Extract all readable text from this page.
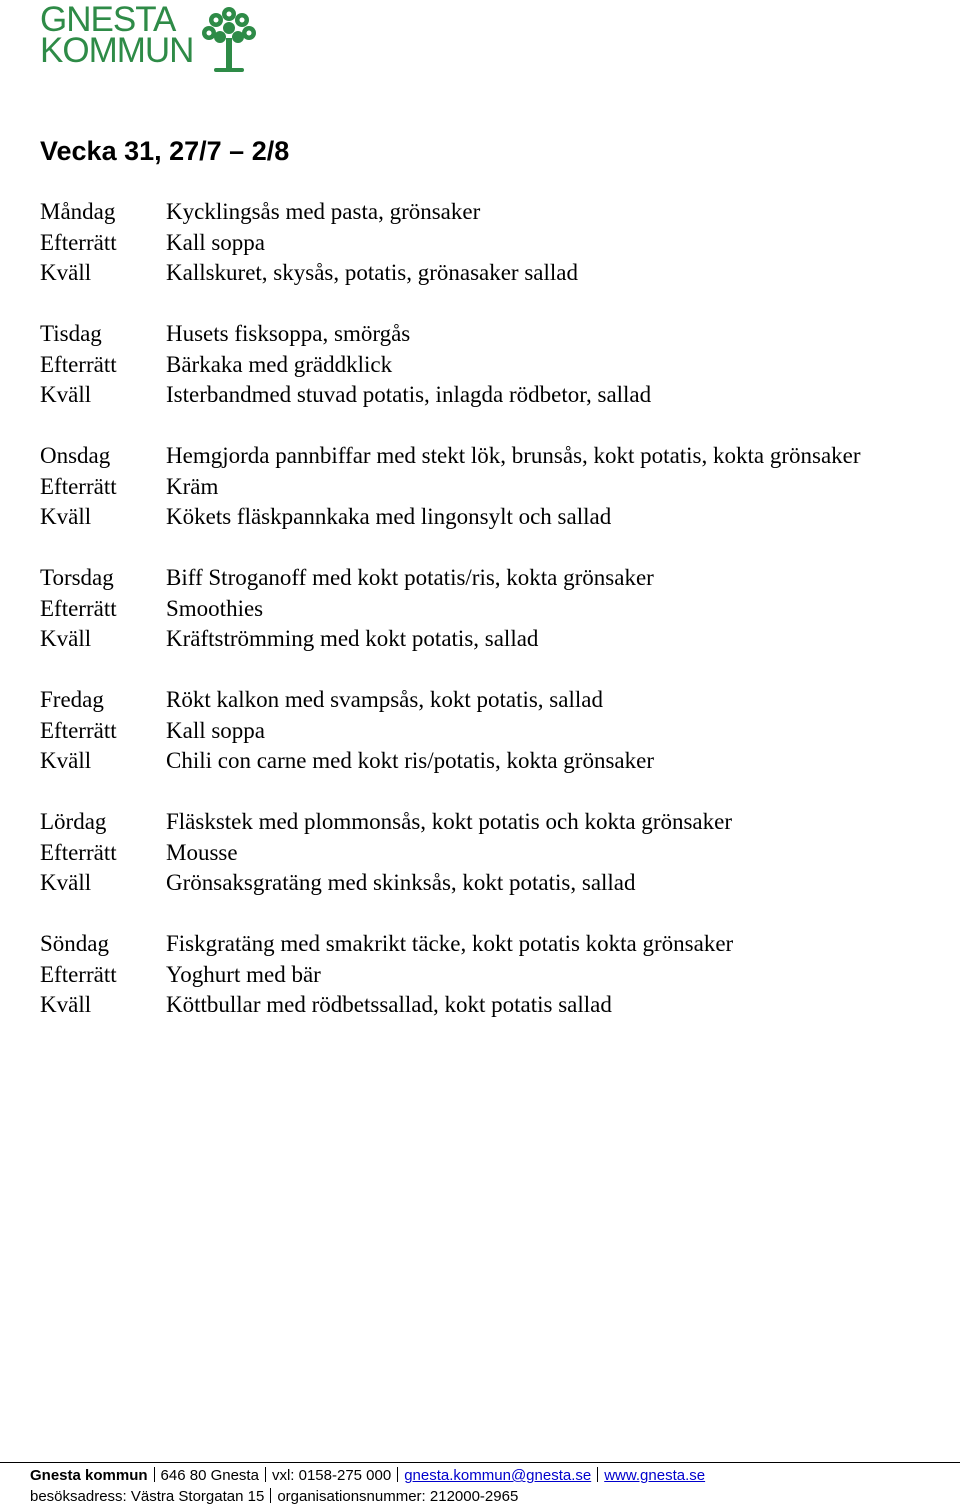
GNESTA
KOMMUN
Vecka 31, 27/7 – 2/8
Måndag Kycklingsås med pasta, grönsaker
Efterrätt Kall soppa
Kväll	Kallskuret, skysås, potatis, grönasaker sallad
Tisdag	Husets fisksoppa, smörgås
Efterrätt Bärkaka med gräddklick
Kväll	Isterbandmed stuvad potatis, inlagda rödbetor, sallad
Onsdag Hemgjorda pannbiffar med stekt lök, brunsås, kokt potatis, kokta grönsaker
Efterrätt Kräm
Kväll	Kökets fläskpannkaka med lingonsylt och sallad
Torsdag Biff Stroganoff med kokt potatis/ris, kokta grönsaker
Efterrätt Smoothies
Kväll	Kräftströmming med kokt potatis, sallad
Fredag	Rökt kalkon med svampsås, kokt potatis, sallad
Efterrätt Kall soppa
Kväll	Chili con carne med kokt ris/potatis, kokta grönsaker
Lördag	Fläskstek med plommonsås, kokt potatis och kokta grönsaker
Efterrätt Mousse
Kväll	Grönsaksgratäng med skinksås, kokt potatis, sallad
Söndag Fiskgratäng med smakrikt täcke, kokt potatis kokta grönsaker
Efterrätt Yoghurt med bär
Kväll	Köttbullar med rödbetssallad, kokt potatis sallad
Gnesta kommun 646 80 Gnesta vxl: 0158-275 000 gnesta.kommun@gnesta.se www.gnesta.se
besöksadress: Västra Storgatan 15 organisationsnummer: 212000-2965
